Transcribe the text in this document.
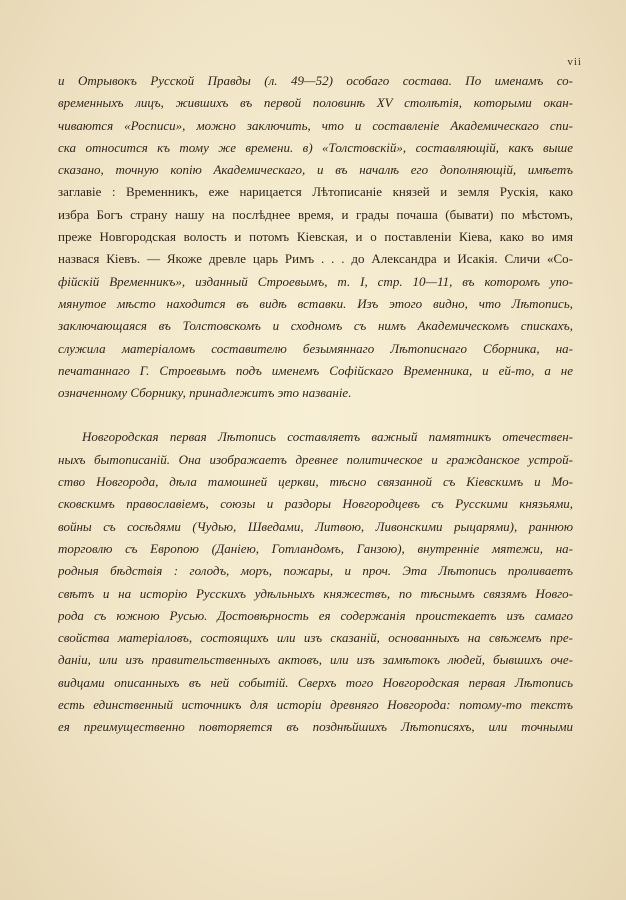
vii
и Отрывокъ Русской Правды (л. 49—52) особаго состава. По именамъ со-
временныхъ лицъ, жившихъ въ первой половинѣ XV столѣтія, которыми окан-
чиваются «Росписи», можно заключить, что и составленіе Академическаго спи-
ска относится къ тому же времени. в) «Толстовскій», составляющій, какъ выше
сказано, точную копію Академическаго, и въ началѣ его дополняющій, имѣетъ
заглавіе : Временникъ, еже нарицается Лѣтописаніе князей и земля Рускія, како
избра Богъ страну нашу на послѣднее время, и грады почаша (бывати) по мѣстомъ,
преже Новгородская волость и потомъ Кіевская, и о поставленіи Кіева, како во имя
назвася Кіевъ. — Якоже древле царь Римъ . . . до Александра и Исакія. Сличи «Со-
фійскій Временникъ», изданный Строевымъ, т. I, стр. 10—11, въ которомъ упо-
мянутое мѣсто находится въ видѣ вставки. Изъ этого видно, что Лѣтопись,
заключающаяся въ Толстовскомъ и сходномъ съ нимъ Академическомъ спискахъ,
служила матеріаломъ составителю безымяннаго Лѣтописнаго Сборника, на-
печатаннаго Г. Строевымъ подъ именемъ Софійскаго Временника, и ей-то, а не
означенному Сборнику, принадлежитъ это названіе.
Новгородская первая Лѣтопись составляетъ важный памятникъ отечествен-
ныхъ бытописаній. Она изображаетъ древнее политическое и гражданское устрой-
ство Новгорода, дѣла тамошней церкви, тѣсно связанной съ Кіевскимъ и Мо-
сковскимъ православіемъ, союзы и раздоры Новгородцевъ съ Русскими князьями,
войны съ сосѣдями (Чудью, Шведами, Литвою, Ливонскими рыцарями), раннюю
торговлю съ Европою (Даніею, Готландомъ, Ганзою), внутренніе мятежи, на-
родныя бѣдствія : голодъ, моръ, пожары, и проч. Эта Лѣтопись проливаетъ
свѣтъ и на исторію Русскихъ удѣльныхъ княжествъ, по тѣснымъ связямъ Новго-
рода съ южною Русью. Достовѣрность ея содержанія проистекаетъ изъ самаго
свойства матеріаловъ, состоящихъ или изъ сказаній, основанныхъ на свѣжемъ пре-
даніи, или изъ правительственныхъ актовъ, или изъ замѣтокъ людей, бывшихъ оче-
видцами описанныхъ въ ней событій. Сверхъ того Новгородская первая Лѣтопись
есть единственный источникъ для исторіи древняго Новгорода: потому-то текстъ
ея преимущественно повторяется въ позднѣйшихъ Лѣтописяхъ, или точными
